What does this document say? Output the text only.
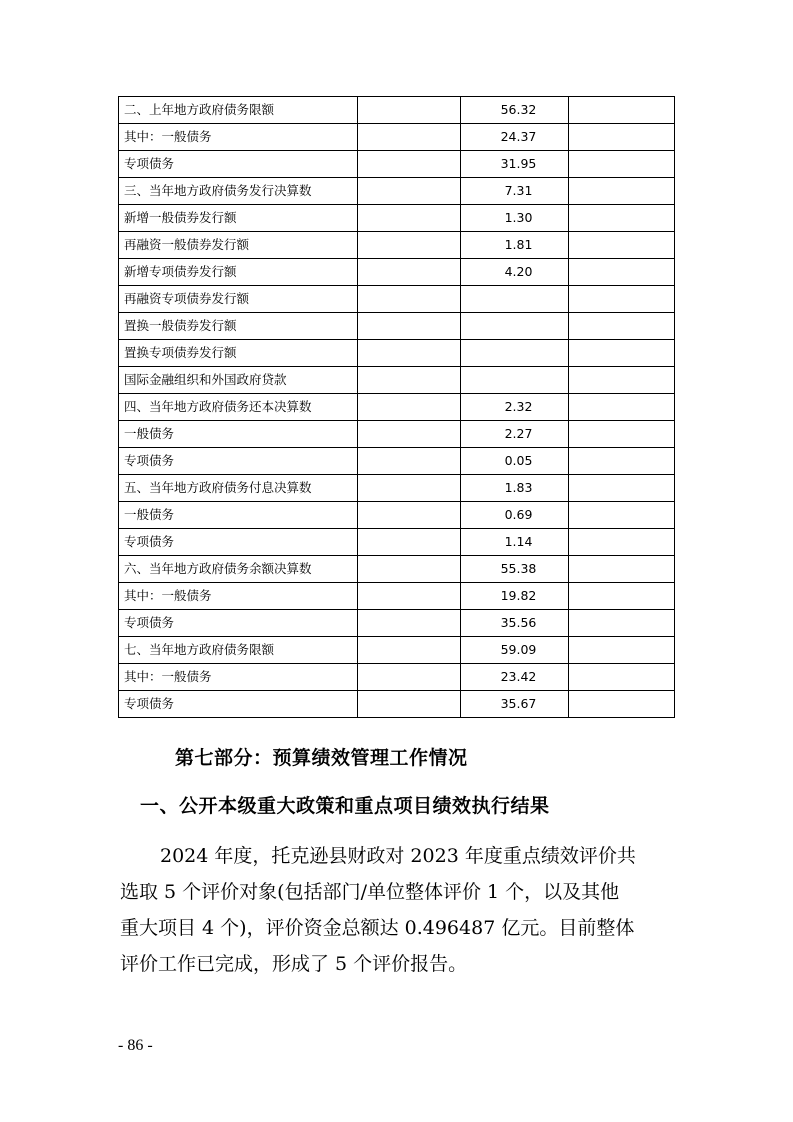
二、上年地方政府债务限额		56.32	
其中：一般债务		24.37	
专项债务		31.95	
三、当年地方政府债务发行决算数		7.31	
新增一般债券发行额		1.30	
再融资一般债券发行额		1.81	
新增专项债券发行额		4.20	
再融资专项债券发行额			
置换一般债券发行额			
置换专项债券发行额			
国际金融组织和外国政府贷款			
四、当年地方政府债务还本决算数		2.32	
一般债务		2.27	
专项债务		0.05	
五、当年地方政府债务付息决算数		1.83	
一般债务		0.69	
专项债务		1.14	
六、当年地方政府债务余额决算数		55.38	
其中：一般债务		19.82	
专项债务		35.56	
七、当年地方政府债务限额		59.09	
其中：一般债务		23.42	
专项债务		35.67	
第七部分：预算绩效管理工作情况
一、公开本级重大政策和重点项目绩效执行结果
2024 年度，托克逊县财政对 2023 年度重点绩效评价共
选取 5 个评价对象(包括部门/单位整体评价 1 个，以及其他
重大项目 4 个)，评价资金总额达 0.496487 亿元。目前整体
评价工作已完成，形成了 5 个评价报告。
- 86 -
